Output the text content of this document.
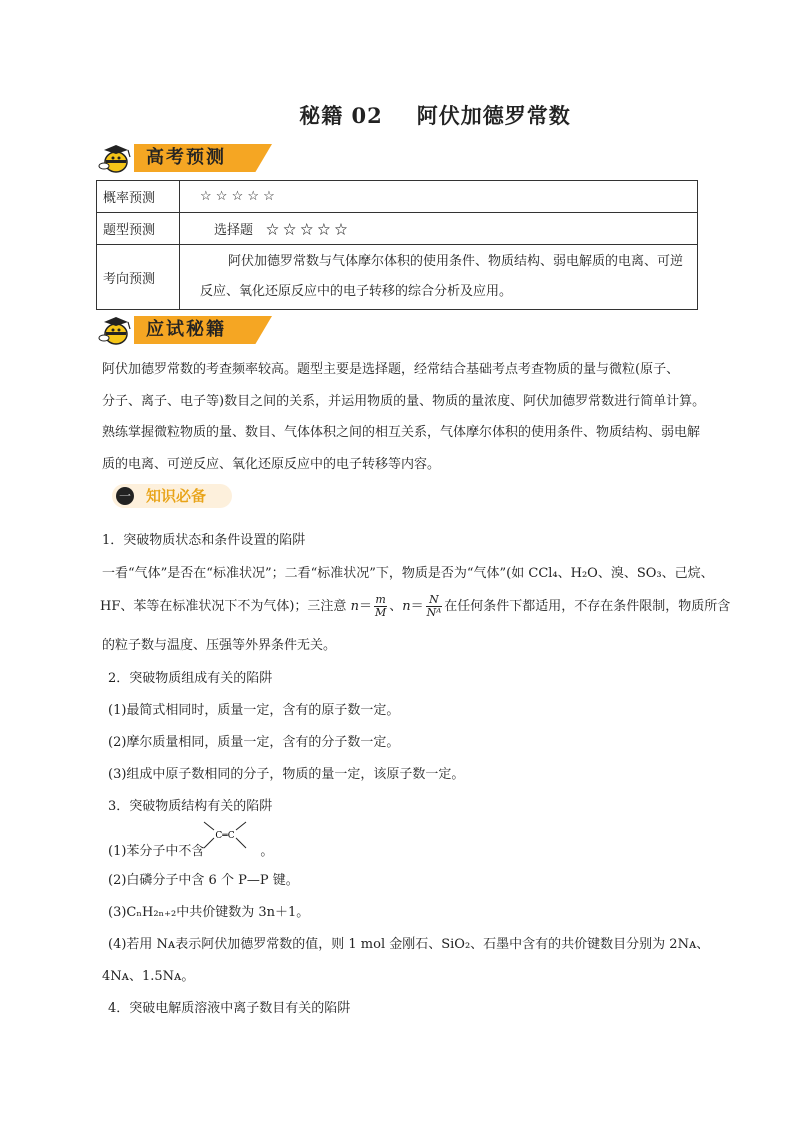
秘籍 02 阿伏加德罗常数
高考预测
概率预测	☆ ☆ ☆ ☆ ☆
题型预测	选择题　☆ ☆ ☆ ☆ ☆
考向预测	阿伏加德罗常数与气体摩尔体积的使用条件、物质结构、弱电解质的电离、可逆
反应、氧化还原反应中的电子转移的综合分析及应用。
应试秘籍
阿伏加德罗常数的考查频率较高。题型主要是选择题，经常结合基础考点考查物质的量与微粒(原子、
分子、离子、电子等)数目之间的关系，并运用物质的量、物质的量浓度、阿伏加德罗常数进行简单计算。
熟练掌握微粒物质的量、数目、气体体积之间的相互关系，气体摩尔体积的使用条件、物质结构、弱电解
质的电离、可逆反应、氧化还原反应中的电子转移等内容。
一 知识必备
1．突破物质状态和条件设置的陷阱
一看“气体”是否在“标准状况”；二看“标准状况”下，物质是否为“气体”(如 CCl₄、H₂O、溴、SO₃、己烷、
HF、苯等在标准状况下不为气体)；三注意 $n= \frac{m}{M}$ 、$n= \frac{N}{\text{Nᴬ}}$ 在任何条件下都适用，不存在条件限制，物质所含
的粒子数与温度、压强等外界条件无关。
2．突破物质组成有关的陷阱
(1)最简式相同时，质量一定，含有的原子数一定。
(2)摩尔质量相同，质量一定，含有的分子数一定。
(3)组成中原子数相同的分子，物质的量一定，该原子数一定。
3．突破物质结构有关的陷阱
(1)苯分子中不含	。
C═C
(2)白磷分子中含 6 个 P—P 键。
(3)CₙH₂ₙ₊₂中共价键数为 3n＋1。
(4)若用 Nᴀ表示阿伏加德罗常数的值，则 1 mol 金刚石、SiO₂、石墨中含有的共价键数目分别为 2Nᴀ、
4Nᴀ、1.5Nᴀ。
4．突破电解质溶液中离子数目有关的陷阱
